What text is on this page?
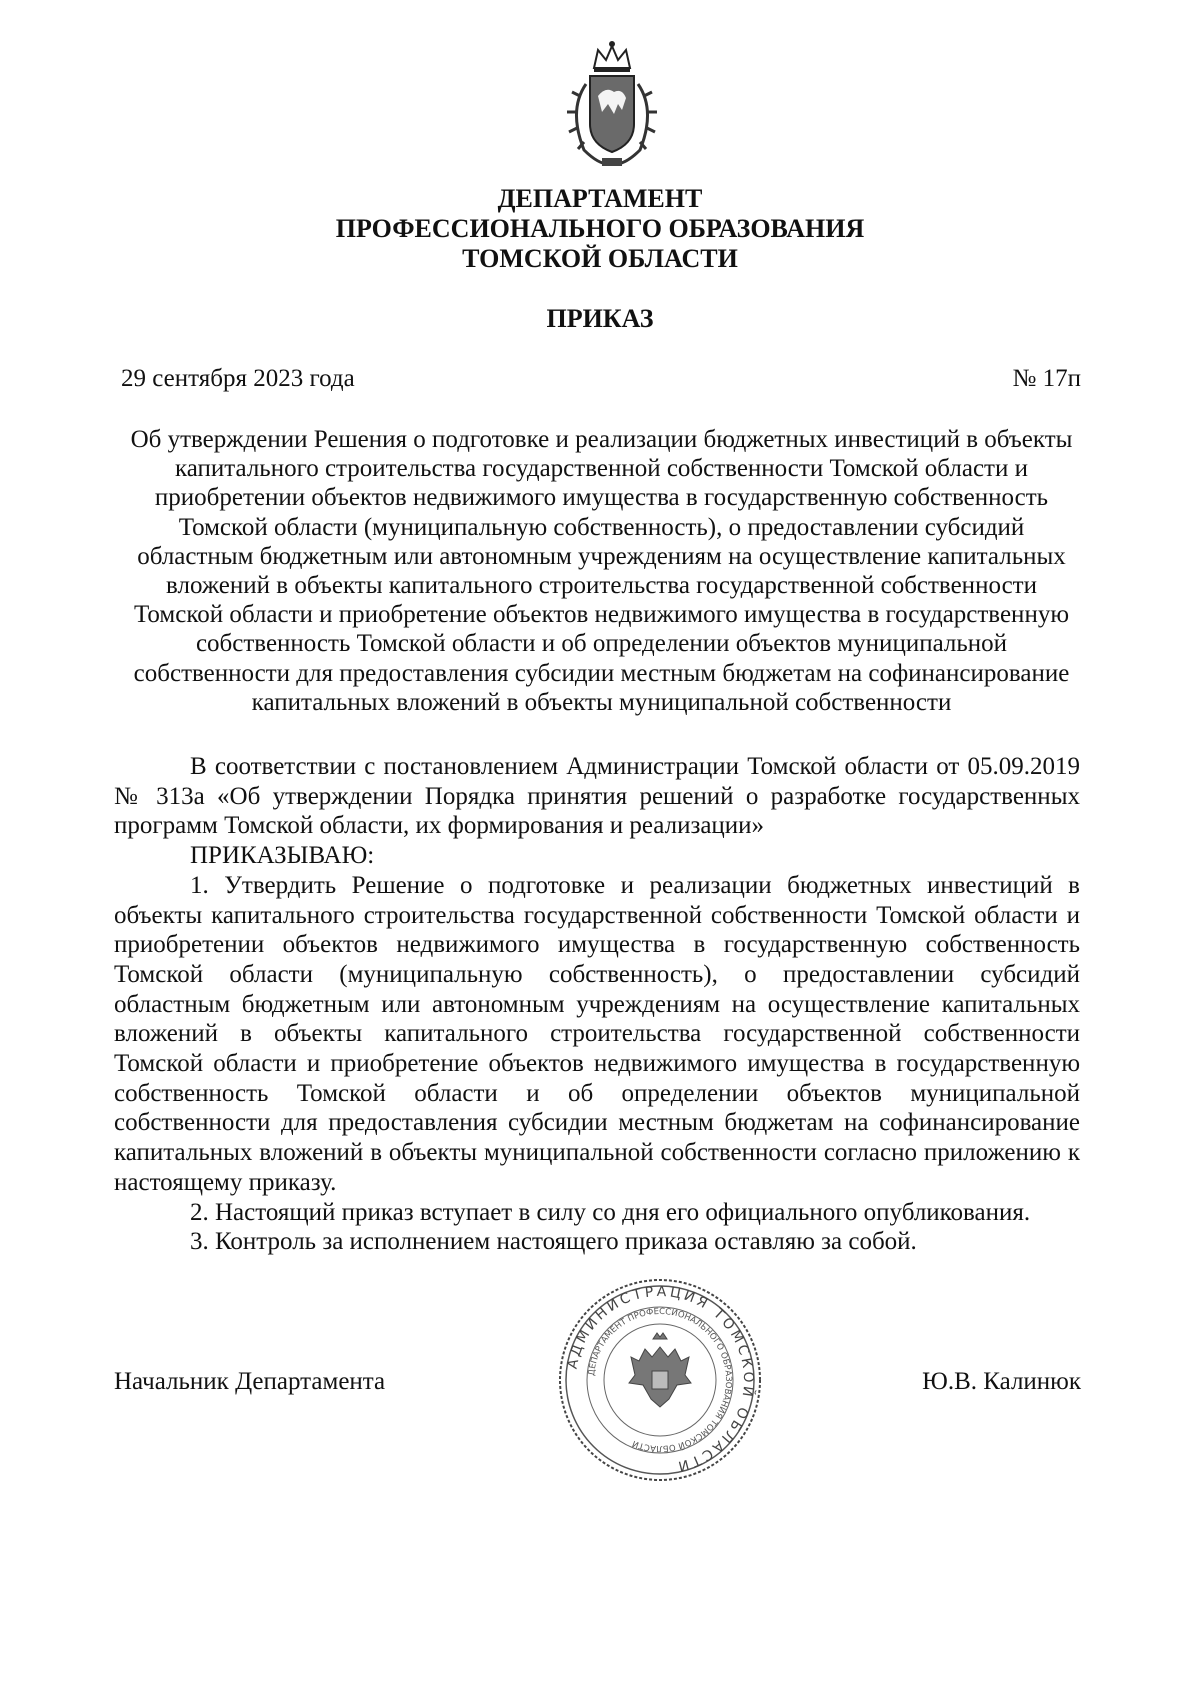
ДЕПАРТАМЕНТ
ПРОФЕССИОНАЛЬНОГО ОБРАЗОВАНИЯ
ТОМСКОЙ ОБЛАСТИ
ПРИКАЗ
29 сентября 2023 года	№ 17п
Об утверждении Решения о подготовке и реализации бюджетных инвестиций в объекты капитального строительства государственной собственности Томской области и приобретении объектов недвижимого имущества в государственную собственность Томской области (муниципальную собственность), о предоставлении субсидий областным бюджетным или автономным учреждениям на осуществление капитальных вложений в объекты капитального строительства государственной собственности Томской области и приобретение объектов недвижимого имущества в государственную собственность Томской области и об определении объектов муниципальной собственности для предоставления субсидии местным бюджетам на софинансирование капитальных вложений в объекты муниципальной собственности

В соответствии с постановлением Администрации Томской области от 05.09.2019 № 313а «Об утверждении Порядка принятия решений о разработке государственных программ Томской области, их формирования и реализации»

ПРИКАЗЫВАЮ:

1. Утвердить Решение о подготовке и реализации бюджетных инвестиций в объекты капитального строительства государственной собственности Томской области и приобретении объектов недвижимого имущества в государственную собственность Томской области (муниципальную собственность), о предоставлении субсидий областным бюджетным или автономным учреждениям на осуществление капитальных вложений в объекты капитального строительства государственной собственности Томской области и приобретение объектов недвижимого имущества в государственную собственность Томской области и об определении объектов муниципальной собственности для предоставления субсидии местным бюджетам на софинансирование капитальных вложений в объекты муниципальной собственности согласно приложению к настоящему приказу.

2. Настоящий приказ вступает в силу со дня его официального опубликования.

3. Контроль за исполнением настоящего приказа оставляю за собой.

Начальник Департамента
АДМИНИСТРАЦИЯ ТОМСКОЙ ОБЛАСТИ
ДЕПАРТАМЕНТ ПРОФЕССИОНАЛЬНОГО ОБРАЗОВАНИЯ ТОМСКОЙ ОБЛАСТИ
Ю.В. Калинюк
